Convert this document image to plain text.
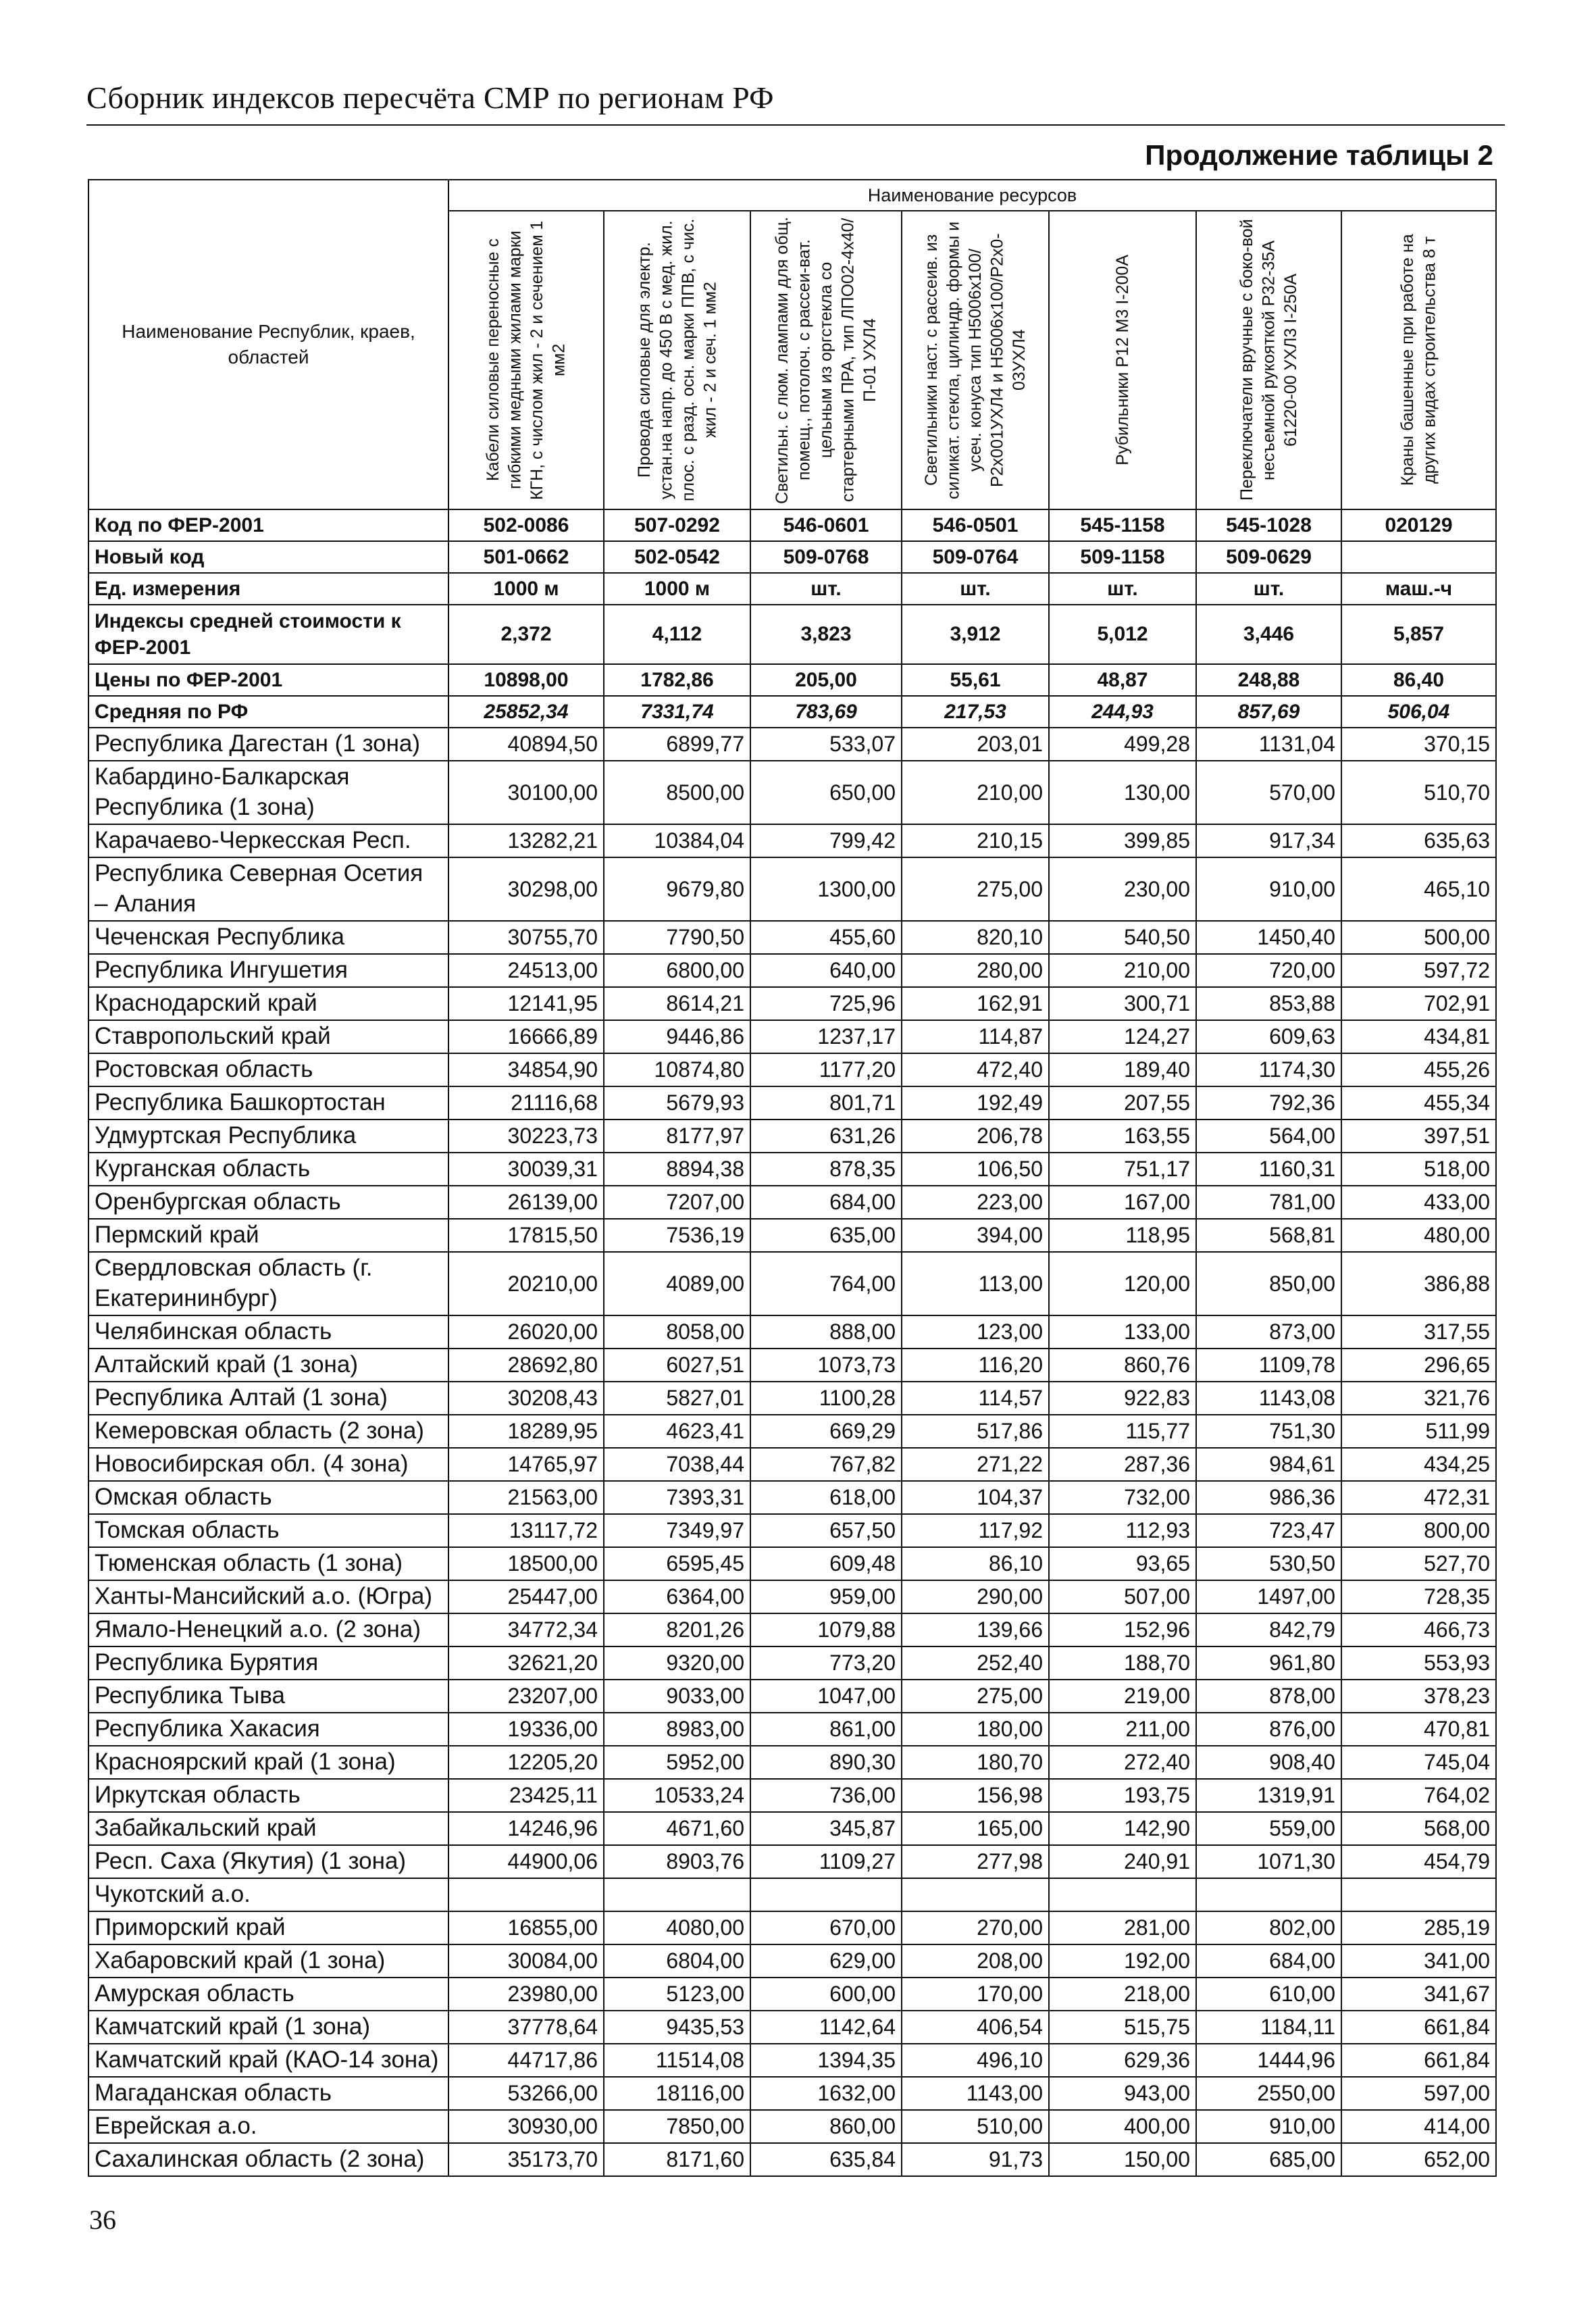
Сборник индексов пересчёта СМР по регионам РФ
Продолжение таблицы 2
Наименование Республик, краев, областей	Наименование ресурсов						

	Кабели силовые переносные с гибкими медными жилами марки КГН, с числом жил - 2 и сечением 1 мм2	Провода силовые для электр. устан.на напр. до 450 В с мед. жил. плос. с разд. осн. марки ППВ, с чис. жил - 2 и сеч. 1 мм2	Светильн. с люм. лампами для общ. помещ., потолоч. с рассеи-ват. цельным из оргстекла со стартерными ПРА, тип ЛПО02-4х40/П-01 УХЛ4	Светильники наст. с рассеив. из силикат. стекла, цилиндр. формы и усеч. конуса тип Н5006х100/Р2x001УХЛ4 и Н5006х100/Р2x0-03УХЛ4	Рубильники Р12 М3 I-200А	Переключатели вручные с боко-вой несъемной рукояткой Р32-35А 61220-00 УХЛ3 I-250А	Краны башенные при работе на других видах строительства 8 т

Код по ФЕР-2001	502-0086	507-0292	546-0601	546-0501	545-1158	545-1028	020129
Новый код	501-0662	502-0542	509-0768	509-0764	509-1158	509-0629	
Ед. измерения	1000 м	1000 м	шт.	шт.	шт.	шт.	маш.-ч
Индексы средней стоимости к ФЕР-2001	2,372	4,112	3,823	3,912	5,012	3,446	5,857
Цены по ФЕР-2001	10898,00	1782,86	205,00	55,61	48,87	248,88	86,40
Средняя по РФ	25852,34	7331,74	783,69	217,53	244,93	857,69	506,04
Республика Дагестан (1 зона)	40894,50	6899,77	533,07	203,01	499,28	1131,04	370,15
Кабардино-Балкарская Республика (1 зона)	30100,00	8500,00	650,00	210,00	130,00	570,00	510,70
Карачаево-Черкесская Респ.	13282,21	10384,04	799,42	210,15	399,85	917,34	635,63
Республика Северная Осетия – Алания	30298,00	9679,80	1300,00	275,00	230,00	910,00	465,10
Чеченская Республика	30755,70	7790,50	455,60	820,10	540,50	1450,40	500,00
Республика Ингушетия	24513,00	6800,00	640,00	280,00	210,00	720,00	597,72
Краснодарский край	12141,95	8614,21	725,96	162,91	300,71	853,88	702,91
Ставропольский край	16666,89	9446,86	1237,17	114,87	124,27	609,63	434,81
Ростовская область	34854,90	10874,80	1177,20	472,40	189,40	1174,30	455,26
Республика Башкортостан	21116,68	5679,93	801,71	192,49	207,55	792,36	455,34
Удмуртская Республика	30223,73	8177,97	631,26	206,78	163,55	564,00	397,51
Курганская область	30039,31	8894,38	878,35	106,50	751,17	1160,31	518,00
Оренбургская область	26139,00	7207,00	684,00	223,00	167,00	781,00	433,00
Пермский край	17815,50	7536,19	635,00	394,00	118,95	568,81	480,00
Свердловская область (г. Екатерининбург)	20210,00	4089,00	764,00	113,00	120,00	850,00	386,88
Челябинская область	26020,00	8058,00	888,00	123,00	133,00	873,00	317,55
Алтайский край (1 зона)	28692,80	6027,51	1073,73	116,20	860,76	1109,78	296,65
Республика Алтай (1 зона)	30208,43	5827,01	1100,28	114,57	922,83	1143,08	321,76
Кемеровская область (2 зона)	18289,95	4623,41	669,29	517,86	115,77	751,30	511,99
Новосибирская обл. (4 зона)	14765,97	7038,44	767,82	271,22	287,36	984,61	434,25
Омская область	21563,00	7393,31	618,00	104,37	732,00	986,36	472,31
Томская область	13117,72	7349,97	657,50	117,92	112,93	723,47	800,00
Тюменская область (1 зона)	18500,00	6595,45	609,48	86,10	93,65	530,50	527,70
Ханты-Мансийский а.о. (Югра)	25447,00	6364,00	959,00	290,00	507,00	1497,00	728,35
Ямало-Ненецкий а.о. (2 зона)	34772,34	8201,26	1079,88	139,66	152,96	842,79	466,73
Республика Бурятия	32621,20	9320,00	773,20	252,40	188,70	961,80	553,93
Республика Тыва	23207,00	9033,00	1047,00	275,00	219,00	878,00	378,23
Республика Хакасия	19336,00	8983,00	861,00	180,00	211,00	876,00	470,81
Красноярский край (1 зона)	12205,20	5952,00	890,30	180,70	272,40	908,40	745,04
Иркутская область	23425,11	10533,24	736,00	156,98	193,75	1319,91	764,02
Забайкальский край	14246,96	4671,60	345,87	165,00	142,90	559,00	568,00
Респ. Саха (Якутия) (1 зона)	44900,06	8903,76	1109,27	277,98	240,91	1071,30	454,79
Чукотский а.о.							
Приморский край	16855,00	4080,00	670,00	270,00	281,00	802,00	285,19
Хабаровский край (1 зона)	30084,00	6804,00	629,00	208,00	192,00	684,00	341,00
Амурская область	23980,00	5123,00	600,00	170,00	218,00	610,00	341,67
Камчатский край (1 зона)	37778,64	9435,53	1142,64	406,54	515,75	1184,11	661,84
Камчатский край (КАО-14 зона)	44717,86	11514,08	1394,35	496,10	629,36	1444,96	661,84
Магаданская область	53266,00	18116,00	1632,00	1143,00	943,00	2550,00	597,00
Еврейская а.о.	30930,00	7850,00	860,00	510,00	400,00	910,00	414,00
Сахалинская область (2 зона)	35173,70	8171,60	635,84	91,73	150,00	685,00	652,00
36
